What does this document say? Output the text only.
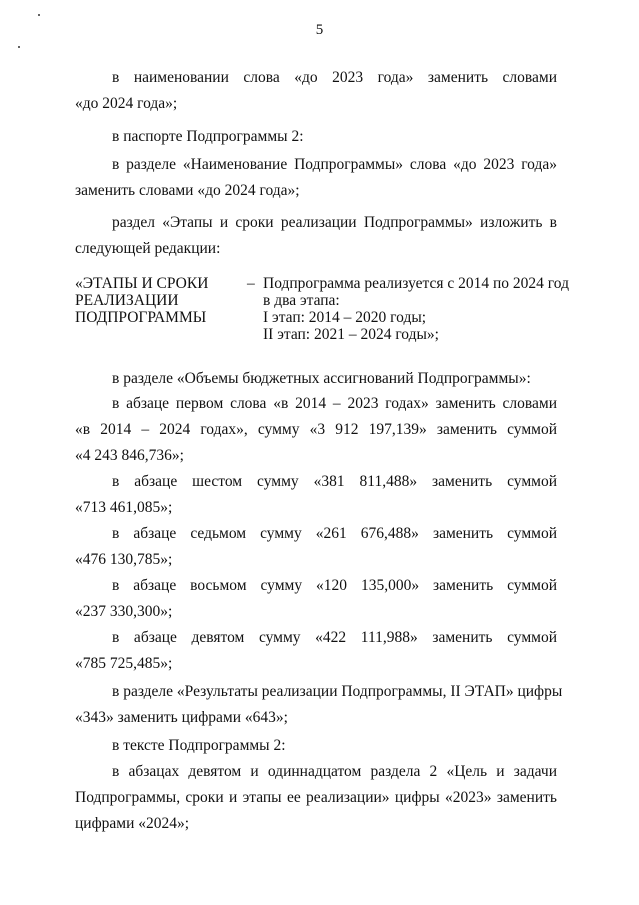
5
в наименовании слова «до 2023 года» заменить словами
«до 2024 года»;
в паспорте Подпрограммы 2:
в разделе «Наименование Подпрограммы» слова «до 2023 года»
заменить словами «до 2024 года»;
раздел «Этапы и сроки реализации Подпрограммы» изложить в
следующей редакции:
«ЭТАПЫ И СРОКИ
РЕАЛИЗАЦИИ
ПОДПРОГРАММЫ
– Подпрограмма реализуется с 2014 по 2024 год
в два этапа:
I этап: 2014 – 2020 годы;
II этап: 2021 – 2024 годы»;
в разделе «Объемы бюджетных ассигнований Подпрограммы»:
в абзаце первом слова «в 2014 – 2023 годах» заменить словами
«в 2014 – 2024 годах», сумму «3 912 197,139» заменить суммой
«4 243 846,736»;
в абзаце шестом сумму «381 811,488» заменить суммой
«713 461,085»;
в абзаце седьмом сумму «261 676,488» заменить суммой
«476 130,785»;
в абзаце восьмом сумму «120 135,000» заменить суммой
«237 330,300»;
в абзаце девятом сумму «422 111,988» заменить суммой
«785 725,485»;
в разделе «Результаты реализации Подпрограммы, II ЭТАП» цифры
«343» заменить цифрами «643»;
в тексте Подпрограммы 2:
в абзацах девятом и одиннадцатом раздела 2 «Цель и задачи
Подпрограммы, сроки и этапы ее реализации» цифры «2023» заменить
цифрами «2024»;
